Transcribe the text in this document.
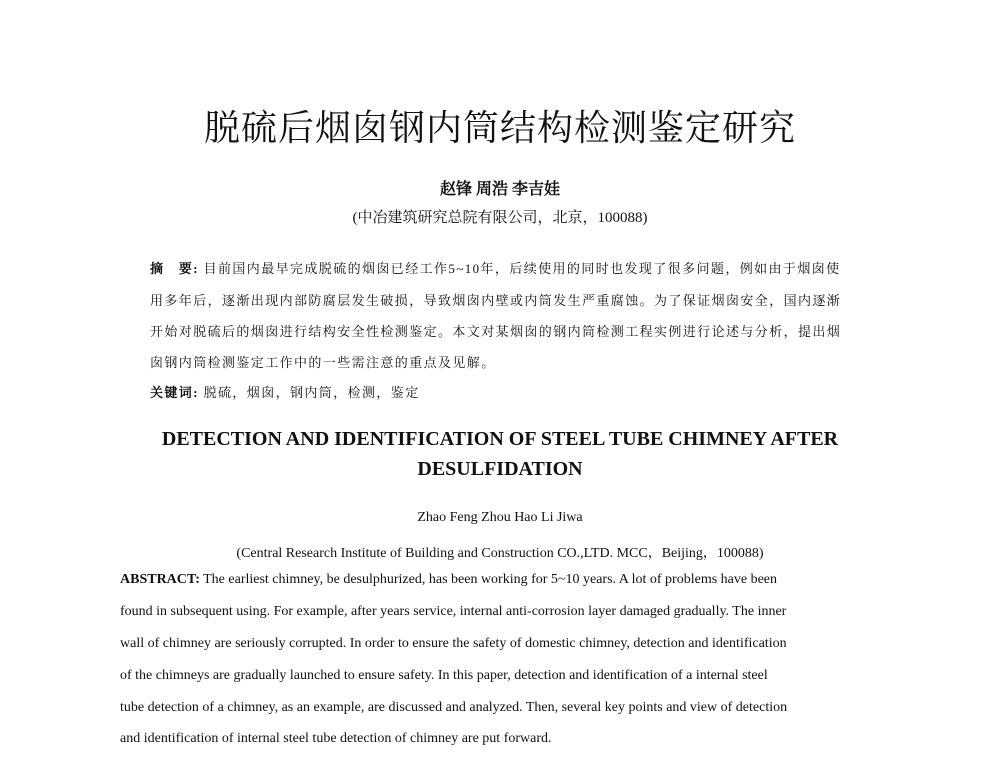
脱硫后烟囱钢内筒结构检测鉴定研究
赵锋 周浩 李吉娃
(中冶建筑研究总院有限公司，北京，100088)
摘　要: 目前国内最早完成脱硫的烟囱已经工作5~10年，后续使用的同时也发现了很多问题，例如由于烟囱使
用多年后，逐渐出现内部防腐层发生破损，导致烟囱内壁或内筒发生严重腐蚀。为了保证烟囱安全，国内逐渐
开始对脱硫后的烟囱进行结构安全性检测鉴定。本文对某烟囱的钢内筒检测工程实例进行论述与分析，提出烟
囱钢内筒检测鉴定工作中的一些需注意的重点及见解。
关键词: 脱硫，烟囱，钢内筒，检测，鉴定
DETECTION AND IDENTIFICATION OF STEEL TUBE CHIMNEY AFTER
DESULFIDATION
Zhao Feng Zhou Hao Li Jiwa
(Central Research Institute of Building and Construction CO.,LTD. MCC，Beijing，100088)
ABSTRACT: The earliest chimney, be desulphurized, has been working for 5~10 years. A lot of problems have been
found in subsequent using. For example, after years service, internal anti-corrosion layer damaged gradually. The inner
wall of chimney are seriously corrupted. In order to ensure the safety of domestic chimney, detection and identification
of the chimneys are gradually launched to ensure safety. In this paper, detection and identification of a internal steel
tube detection of a chimney, as an example, are discussed and analyzed. Then, several key points and view of detection
and identification of internal steel tube detection of chimney are put forward.
